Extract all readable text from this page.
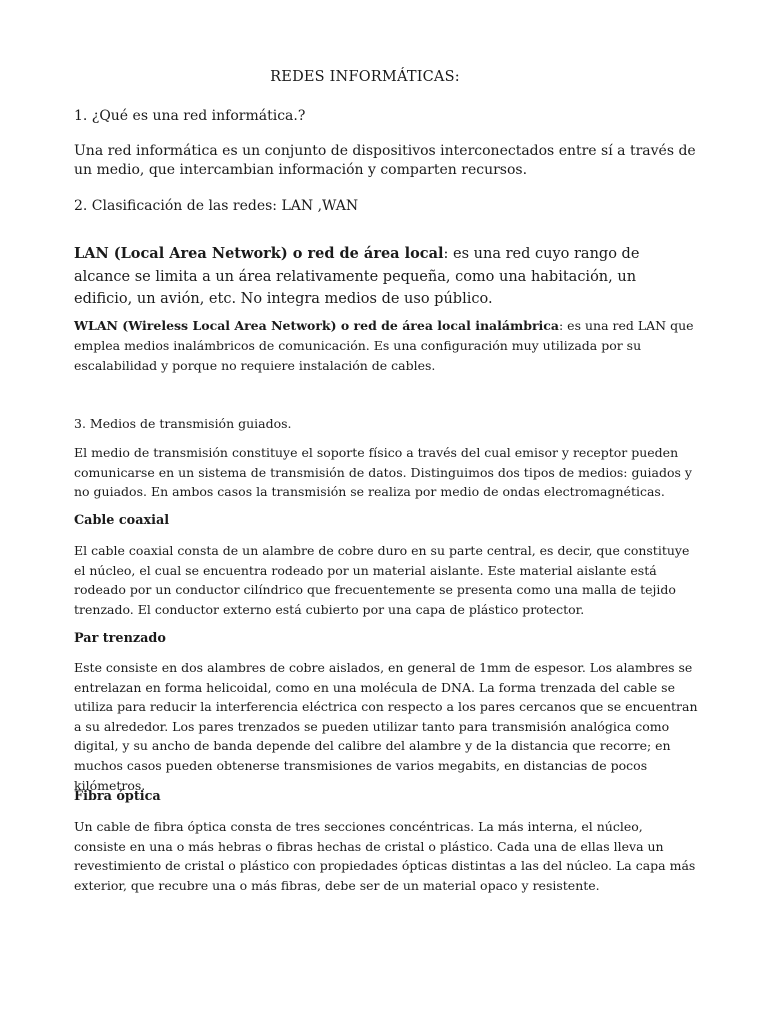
REDES INFORMÁTICAS:

1. ¿Qué es una red informática.?

Una red informática es un conjunto de dispositivos interconectados entre sí a través de un medio, que intercambian información y comparten recursos.

2. Clasificación de las redes: LAN ,WAN

LAN (Local Area Network) o red de área local: es una red cuyo rango de alcance se limita a un área relativamente pequeña, como una habitación, un edificio, un avión, etc. No integra medios de uso público.

WLAN (Wireless Local Area Network) o red de área local inalámbrica: es una red LAN que emplea medios inalámbricos de comunicación. Es una configuración muy utilizada por su escalabilidad y porque no requiere instalación de cables.

3. Medios de transmisión guiados.

El medio de transmisión constituye el soporte físico a través del cual emisor y receptor pueden comunicarse en un sistema de transmisión de datos. Distinguimos dos tipos de medios: guiados y no guiados. En ambos casos la transmisión se realiza por medio de ondas electromagnéticas.

Cable coaxial

El cable coaxial consta de un alambre de cobre duro en su parte central, es decir, que constituye el núcleo, el cual se encuentra rodeado por un material aislante. Este material aislante está rodeado por un conductor cilíndrico que frecuentemente se presenta como una malla de tejido trenzado. El conductor externo está cubierto por una capa de plástico protector.

Par trenzado

Este consiste en dos alambres de cobre aislados, en general de 1mm de espesor. Los alambres se entrelazan en forma helicoidal, como en una molécula de DNA. La forma trenzada del cable se utiliza para reducir la interferencia eléctrica con respecto a los pares cercanos que se encuentran a su alrededor. Los pares trenzados se pueden utilizar tanto para transmisión analógica como digital, y su ancho de banda depende del calibre del alambre y de la distancia que recorre; en muchos casos pueden obtenerse transmisiones de varios megabits, en distancias de pocos kilómetros.

Fibra óptica

Un cable de fibra óptica consta de tres secciones concéntricas. La más interna, el núcleo, consiste en una o más hebras o fibras hechas de cristal o plástico. Cada una de ellas lleva un revestimiento de cristal o plástico con propiedades ópticas distintas a las del núcleo. La capa más exterior, que recubre una o más fibras, debe ser de un material opaco y resistente.
